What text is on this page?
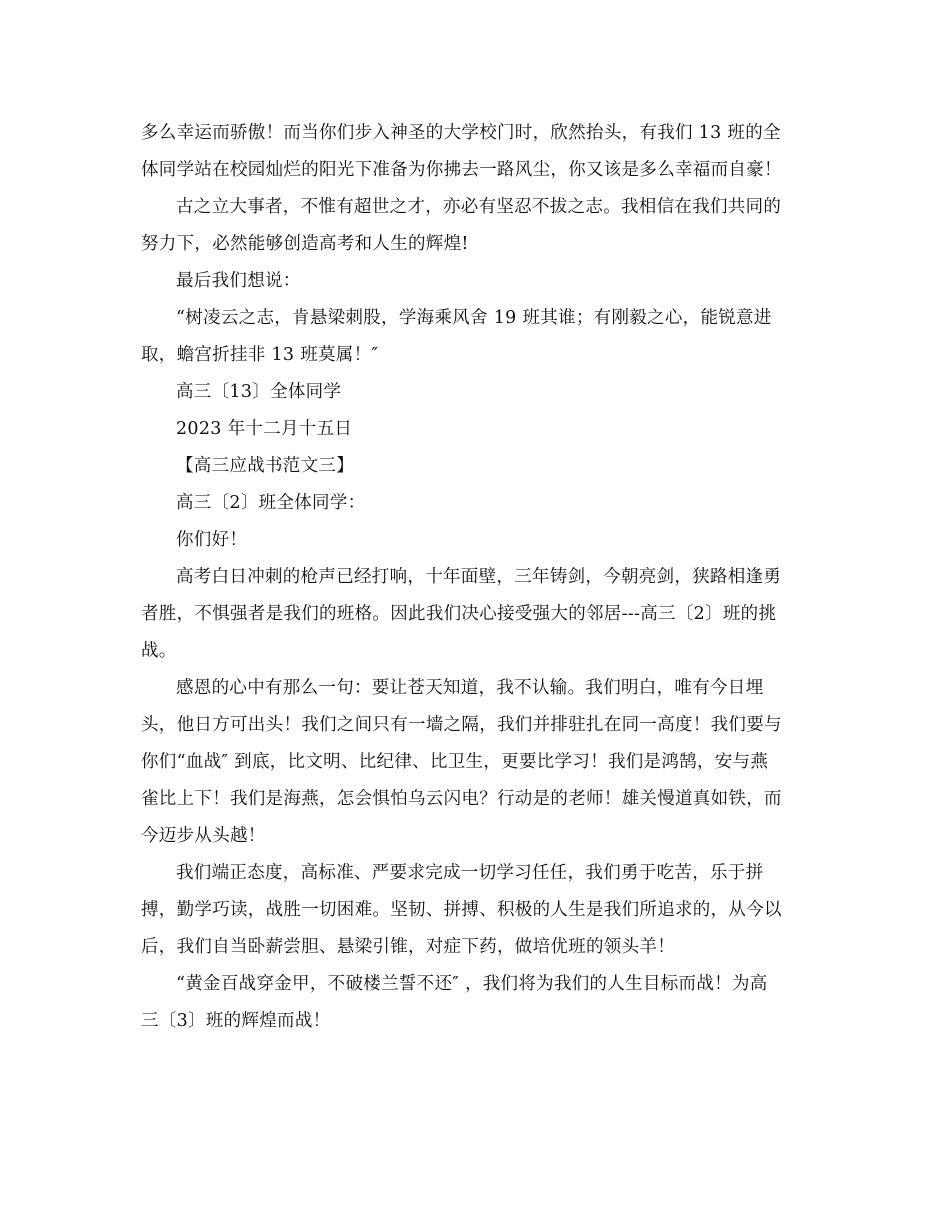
多么幸运而骄傲！而当你们步入神圣的大学校门时，欣然抬头，有我们 13 班的全
体同学站在校园灿烂的阳光下准备为你拂去一路风尘，你又该是多么幸福而自豪！
古之立大事者，不惟有超世之才，亦必有坚忍不拔之志。我相信在我们共同的
努力下，必然能够创造高考和人生的辉煌!
最后我们想说：
“树凌云之志，肯悬梁刺股，学海乘风舍 19 班其谁；有刚毅之心，能锐意进
取，蟾宫折挂非 13 班莫属！″
高三〔13〕全体同学
2023 年十二月十五日
【高三应战书范文三】
高三〔2〕班全体同学：
你们好！
高考白日冲刺的枪声已经打响，十年面壁，三年铸剑，今朝亮剑，狭路相逢勇
者胜，不惧强者是我们的班格。因此我们决心接受强大的邻居---高三〔2〕班的挑
战。
感恩的心中有那么一句：要让苍天知道，我不认输。我们明白，唯有今日埋
头，他日方可出头！我们之间只有一墙之隔，我们并排驻扎在同一高度！我们要与
你们“血战″ 到底，比文明、比纪律、比卫生，更要比学习！我们是鸿鹄，安与燕
雀比上下！我们是海燕，怎会惧怕乌云闪电？行动是的老师！雄关慢道真如铁，而
今迈步从头越！
我们端正态度，高标准、严要求完成一切学习任任，我们勇于吃苦，乐于拼
搏，勤学巧读，战胜一切困难。坚韧、拼搏、积极的人生是我们所追求的，从今以
后，我们自当卧薪尝胆、悬梁引锥，对症下药，做培优班的领头羊！
“黄金百战穿金甲，不破楼兰誓不还″ ，我们将为我们的人生目标而战！为高
三〔3〕班的辉煌而战！
